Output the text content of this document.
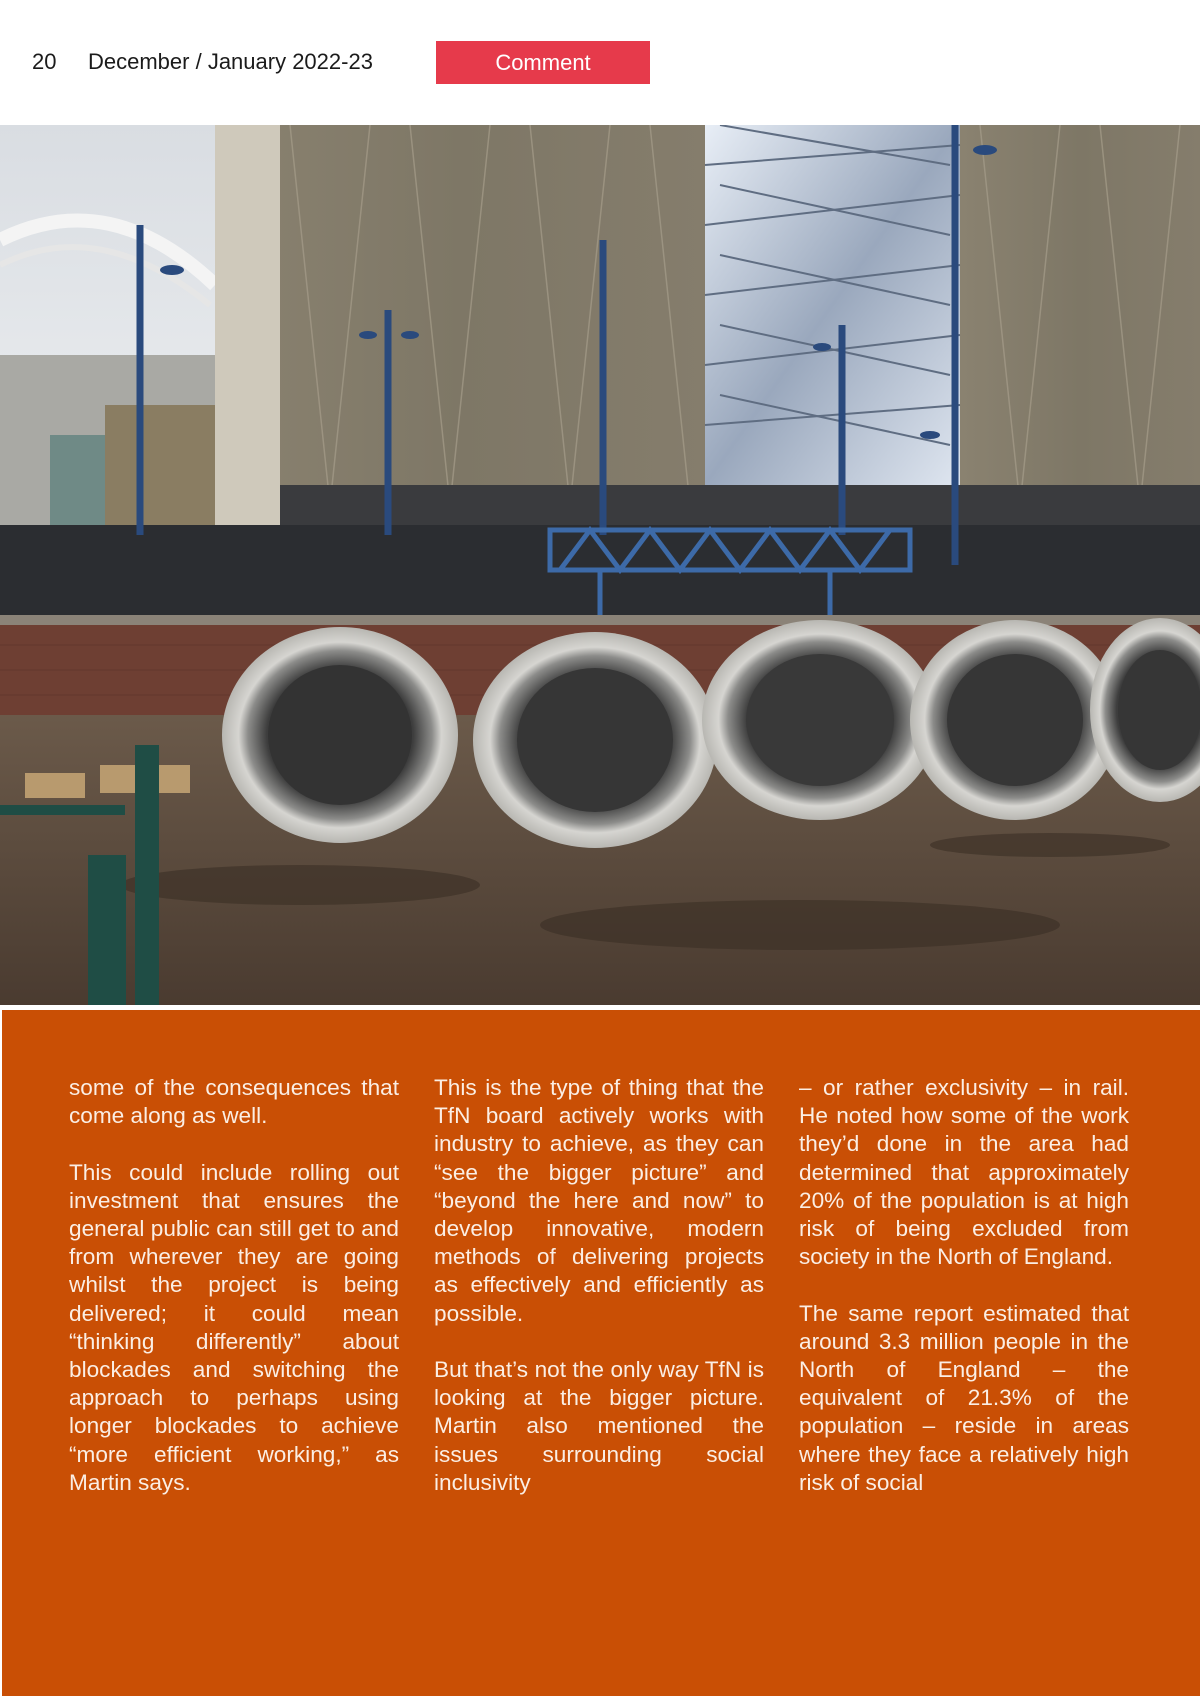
20 December / January 2022-23	Comment

some of the consequences that come along as well.

This could include rolling out investment that ensures the general public can still get to and from wherever they are going whilst the project is being delivered; it could mean “thinking differently” about blockades and switching the approach to perhaps using longer blockades to achieve “more efficient working,” as Martin says.

This is the type of thing that the TfN board actively works with industry to achieve, as they can “see the bigger picture” and “beyond the here and now” to develop innovative, modern methods of delivering projects as effectively and efficiently as possible.

But that’s not the only way TfN is looking at the bigger picture. Martin also mentioned the issues surrounding social inclusivity

– or rather exclusivity – in rail. He noted how some of the work they’d done in the area had determined that approximately 20% of the population is at high risk of being excluded from society in the North of England.

The same report estimated that around 3.3 million people in the North of England – the equivalent of 21.3% of the population – reside in areas where they face a relatively high risk of social
